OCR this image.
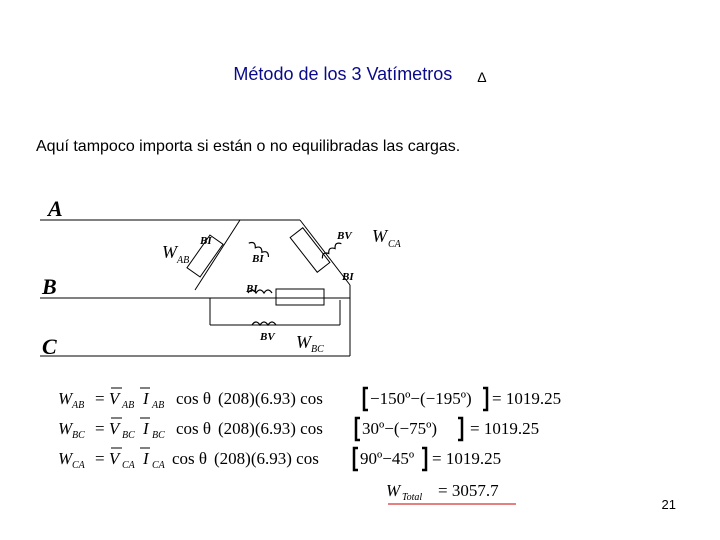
Método de los 3 Vatímetros Δ
Aquí tampoco importa si están o no equilibradas las cargas.
A
B
C
W AB
W CA
W BC
BI
BI
BV
BI
BI
BV
W AB = V AB I AB cos θ (208)(6.93) cos	−150º−(−195º) = 1019.25
W BC = V BC I BC cos θ (208)(6.93) cos 30º−(−75º) = 1019.25
W CA = V CA I CA cos θ (208)(6.93) cos 90º−45º = 1019.25
W Total = 3057.7
21
